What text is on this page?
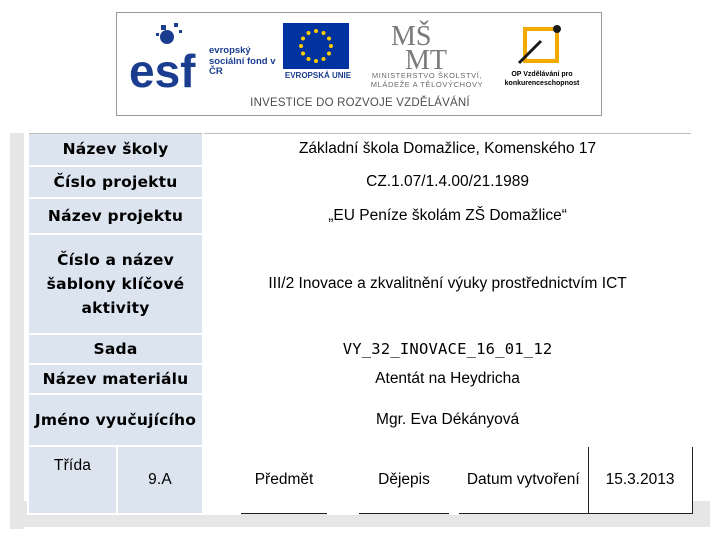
esf evropský sociální fond v ČR	EVROPSKÁ UNIE
MŠ
MT
MINISTERSTVO ŠKOLSTVÍ, MLÁDEŽE A TĚLOVÝCHOVY
OP Vzdělávání pro konkurenceschopnost
INVESTICE DO ROZVOJE VZDĚLÁVÁNÍ
Název školy		Základní škola Domažlice, Komenského 17						
Číslo projektu		CZ.1.07/1.4.00/21.1989						
Název projektu		„EU Peníze školám ZŠ Domažlice“						
Číslo a název šablony klíčové aktivity		III/2 Inovace a zkvalitnění výuky prostřednictvím ICT						
Sada		VY_32_INOVACE_16_01_12						
Název materiálu		Atentát na Heydricha						
Jméno vyučujícího		Mgr. Eva Dékányová						
Třída	9.A		Předmět		Dějepis		Datum vytvoření	15.3.2013
